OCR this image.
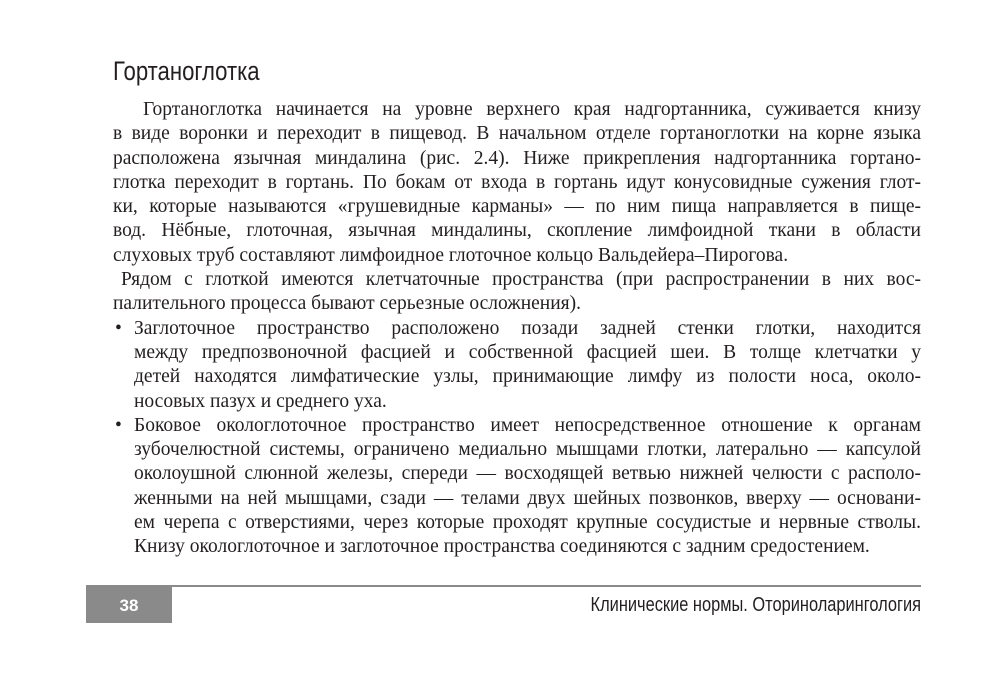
Гортаноглотка
Гортаноглотка начинается на уровне верхнего края надгортанника, суживается книзу
в виде воронки и переходит в пищевод. В начальном отделе гортаноглотки на корне языка
расположена язычная миндалина (рис. 2.4). Ниже прикрепления надгортанника гортано-
глотка переходит в гортань. По бокам от входа в гортань идут конусовидные сужения глот-
ки, которые называются «грушевидные карманы» — по ним пища направляется в пище-
вод. Нёбные, глоточная, язычная миндалины, скопление лимфоидной ткани в области
слуховых труб составляют лимфоидное глоточное кольцо Вальдейера–Пирогова.
Рядом с глоткой имеются клетчаточные пространства (при распространении в них вос-
палительного процесса бывают серьезные осложнения).
• Заглоточное пространство расположено позади задней стенки глотки, находится
между предпозвоночной фасцией и собственной фасцией шеи. В толще клетчатки у
детей находятся лимфатические узлы, принимающие лимфу из полости носа, около-
носовых пазух и среднего уха.
• Боковое окологлоточное пространство имеет непосредственное отношение к органам
зубочелюстной системы, ограничено медиально мышцами глотки, латерально — капсулой
околоушной слюнной железы, спереди — восходящей ветвью нижней челюсти с располо-
женными на ней мышцами, сзади — телами двух шейных позвонков, вверху — основани-
ем черепа с отверстиями, через которые проходят крупные сосудистые и нервные стволы.
Книзу окологлоточное и заглоточное пространства соединяются с задним средостением.
38	Клинические нормы. Оториноларингология
